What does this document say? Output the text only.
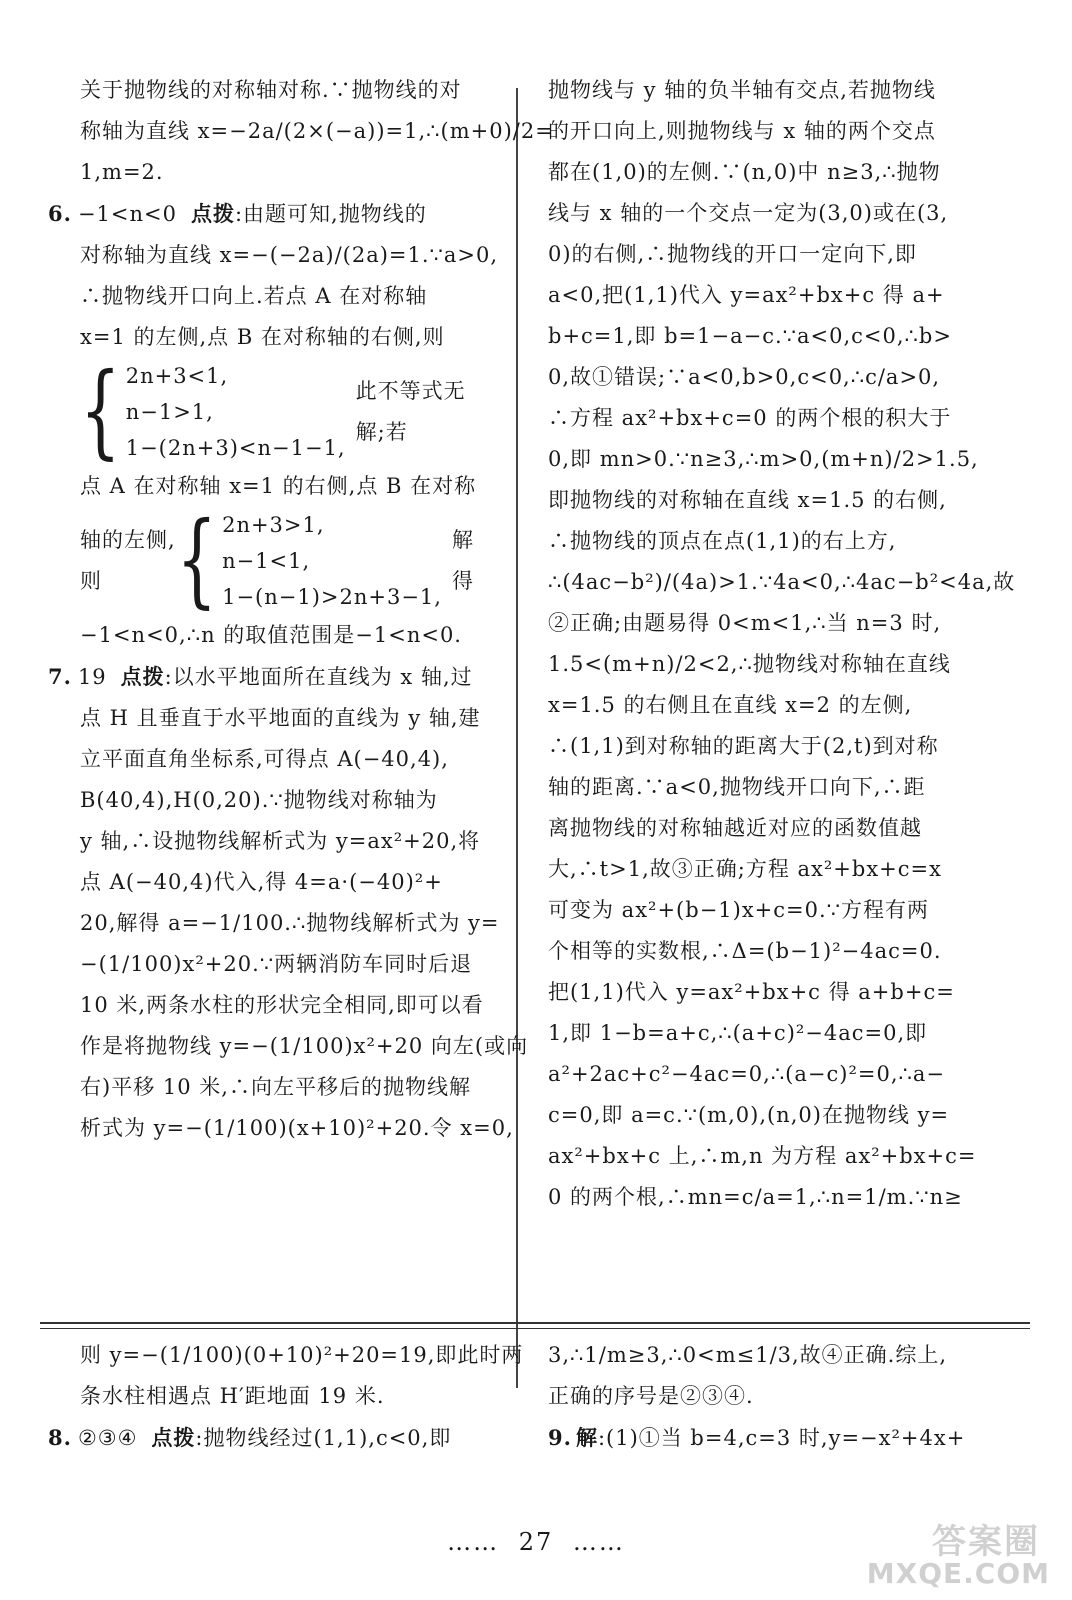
关于抛物线的对称轴对称.∵抛物线的对

称轴为直线 x=−2a/(2×(−a))=1,∴(m+0)/2=

1,m=2.

6. −1<n<0 点拨:由题可知,抛物线的

对称轴为直线 x=−(−2a)/(2a)=1.∵a>0,

∴抛物线开口向上.若点 A 在对称轴

x=1 的左侧,点 B 在对称轴的右侧,则

{ 2n+3<1,

n−1>1,

1−(2n+3)<n−1−1,

此不等式无解;若

点 A 在对称轴 x=1 的右侧,点 B 在对称

轴的左侧,则	{ 2n+3>1,

n−1<1,

1−(n−1)>2n+3−1,

解得

−1<n<0,∴n 的取值范围是−1<n<0.

7. 19 点拨:以水平地面所在直线为 x 轴,过

点 H 且垂直于水平地面的直线为 y 轴,建

立平面直角坐标系,可得点 A(−40,4),

B(40,4),H(0,20).∵抛物线对称轴为

y 轴,∴设抛物线解析式为 y=ax²+20,将

点 A(−40,4)代入,得 4=a·(−40)²+

20,解得 a=−1/100.∴抛物线解析式为 y=

−(1/100)x²+20.∵两辆消防车同时后退

10 米,两条水柱的形状完全相同,即可以看

作是将抛物线 y=−(1/100)x²+20 向左(或向

右)平移 10 米,∴向左平移后的抛物线解

析式为 y=−(1/100)(x+10)²+20.令 x=0,

抛物线与 y 轴的负半轴有交点,若抛物线

的开口向上,则抛物线与 x 轴的两个交点

都在(1,0)的左侧.∵(n,0)中 n≥3,∴抛物

线与 x 轴的一个交点一定为(3,0)或在(3,

0)的右侧,∴抛物线的开口一定向下,即

a<0,把(1,1)代入 y=ax²+bx+c 得 a+

b+c=1,即 b=1−a−c.∵a<0,c<0,∴b>

0,故①错误;∵a<0,b>0,c<0,∴c/a>0,

∴方程 ax²+bx+c=0 的两个根的积大于

0,即 mn>0.∵n≥3,∴m>0,(m+n)/2>1.5,

即抛物线的对称轴在直线 x=1.5 的右侧,

∴抛物线的顶点在点(1,1)的右上方,

∴(4ac−b²)/(4a)>1.∵4a<0,∴4ac−b²<4a,故

②正确;由题易得 0<m<1,∴当 n=3 时,

1.5<(m+n)/2<2,∴抛物线对称轴在直线

x=1.5 的右侧且在直线 x=2 的左侧,

∴(1,1)到对称轴的距离大于(2,t)到对称

轴的距离.∵a<0,抛物线开口向下,∴距

离抛物线的对称轴越近对应的函数值越

大,∴t>1,故③正确;方程 ax²+bx+c=x

可变为 ax²+(b−1)x+c=0.∵方程有两

个相等的实数根,∴Δ=(b−1)²−4ac=0.

把(1,1)代入 y=ax²+bx+c 得 a+b+c=

1,即 1−b=a+c,∴(a+c)²−4ac=0,即

a²+2ac+c²−4ac=0,∴(a−c)²=0,∴a−

c=0,即 a=c.∵(m,0),(n,0)在抛物线 y=

ax²+bx+c 上,∴m,n 为方程 ax²+bx+c=

0 的两个根,∴mn=c/a=1,∴n=1/m.∵n≥

则 y=−(1/100)(0+10)²+20=19,即此时两

条水柱相遇点 H′距地面 19 米.

8. ②③④ 点拨:抛物线经过(1,1),c<0,即

3,∴1/m≥3,∴0<m≤1/3,故④正确.综上,

正确的序号是②③④.

9. 解:(1)①当 b=4,c=3 时,y=−x²+4x+

…… 27 ……	答案圈
MXQE.COM
